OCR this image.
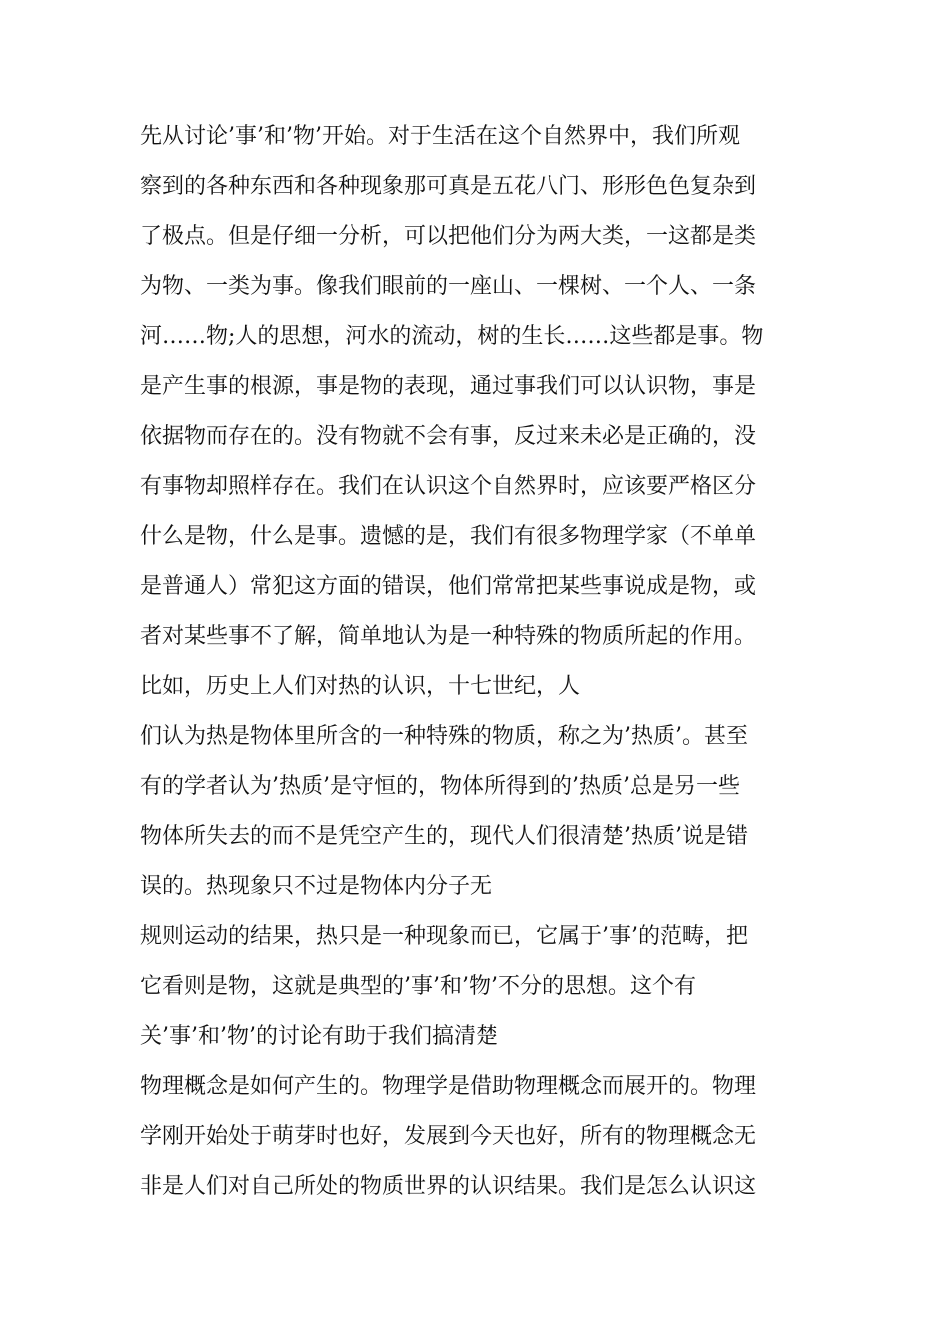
先从讨论’事’和’物’开始。对于生活在这个自然界中，我们所观
察到的各种东西和各种现象那可真是五花八门、形形色色复杂到
了极点。但是仔细一分析，可以把他们分为两大类，一这都是类
为物、一类为事。像我们眼前的一座山、一棵树、一个人、一条
河……物;人的思想，河水的流动，树的生长……这些都是事。物
是产生事的根源，事是物的表现，通过事我们可以认识物，事是
依据物而存在的。没有物就不会有事，反过来未必是正确的，没
有事物却照样存在。我们在认识这个自然界时，应该要严格区分
什么是物，什么是事。遗憾的是，我们有很多物理学家（不单单
是普通人）常犯这方面的错误，他们常常把某些事说成是物，或
者对某些事不了解，简单地认为是一种特殊的物质所起的作用。
比如，历史上人们对热的认识，十七世纪，人
们认为热是物体里所含的一种特殊的物质，称之为’热质’。甚至
有的学者认为’热质’是守恒的，物体所得到的’热质’总是另一些
物体所失去的而不是凭空产生的，现代人们很清楚’热质’说是错
误的。热现象只不过是物体内分子无
规则运动的结果，热只是一种现象而已，它属于’事’的范畴，把
它看则是物，这就是典型的’事’和’物’不分的思想。这个有
关’事’和’物’的讨论有助于我们搞清楚
物理概念是如何产生的。物理学是借助物理概念而展开的。物理
学刚开始处于萌芽时也好，发展到今天也好，所有的物理概念无
非是人们对自己所处的物质世界的认识结果。我们是怎么认识这
